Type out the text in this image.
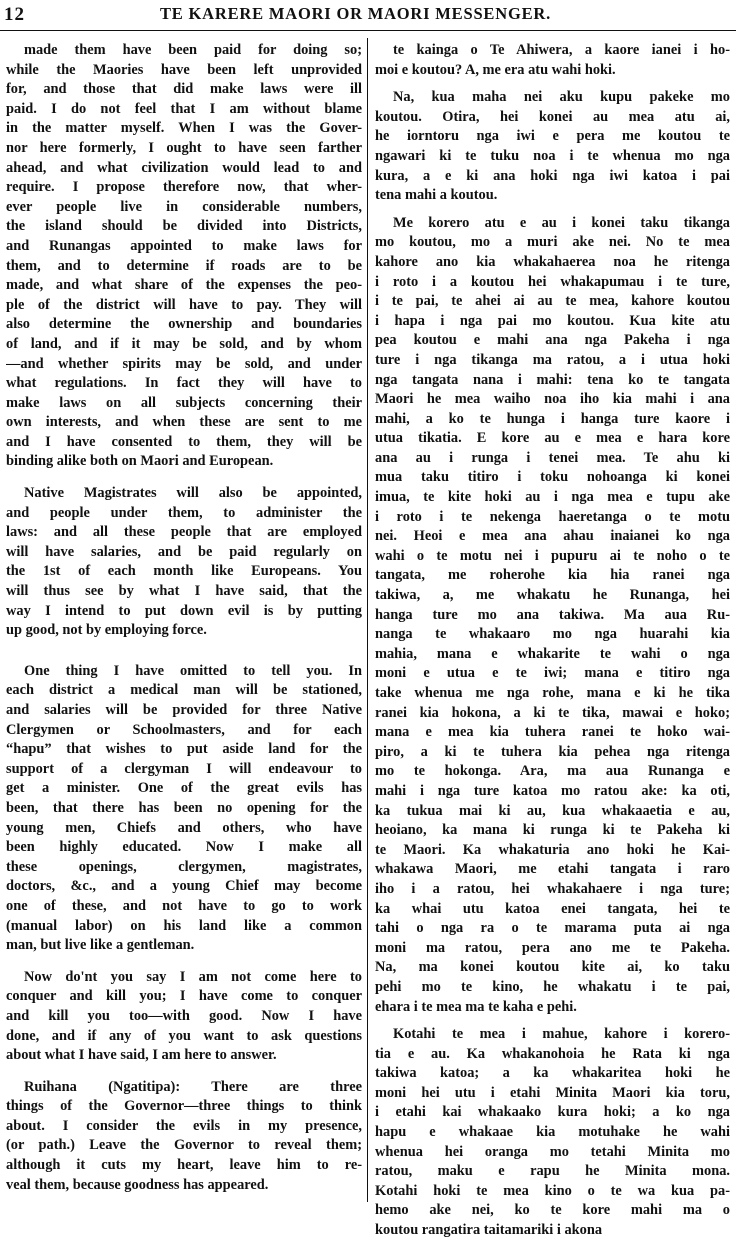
12	TE KARERE MAORI OR MAORI MESSENGER.
made them have been paid for doing so;
while the Maories have been left unprovided
for, and those that did make laws were ill
paid. I do not feel that I am without blame
in the matter myself. When I was the Gover-
nor here formerly, I ought to have seen farther
ahead, and what civilization would lead to and
require. I propose therefore now, that wher-
ever people live in considerable numbers,
the island should be divided into Districts,
and Runangas appointed to make laws for
them, and to determine if roads are to be
made, and what share of the expenses the peo-
ple of the district will have to pay. They will
also determine the ownership and boundaries
of land, and if it may be sold, and by whom
—and whether spirits may be sold, and under
what regulations. In fact they will have to
make laws on all subjects concerning their
own interests, and when these are sent to me
and I have consented to them, they will be
binding alike both on Maori and European.
Native Magistrates will also be appointed,
and people under them, to administer the
laws: and all these people that are employed
will have salaries, and be paid regularly on
the 1st of each month like Europeans. You
will thus see by what I have said, that the
way I intend to put down evil is by putting
up good, not by employing force.
One thing I have omitted to tell you. In
each district a medical man will be stationed,
and salaries will be provided for three Native
Clergymen or Schoolmasters, and for each
“hapu” that wishes to put aside land for the
support of a clergyman I will endeavour to
get a minister. One of the great evils has
been, that there has been no opening for the
young men, Chiefs and others, who have
been highly educated. Now I make all
these openings, clergymen, magistrates,
doctors, &c., and a young Chief may become
one of these, and not have to go to work
(manual labor) on his land like a common
man, but live like a gentleman.
Now do'nt you say I am not come here to
conquer and kill you; I have come to conquer
and kill you too—with good. Now I have
done, and if any of you want to ask questions
about what I have said, I am here to answer.
Ruihana (Ngatitipa): There are three
things of the Governor—three things to think
about. I consider the evils in my presence,
(or path.) Leave the Governor to reveal them;
although it cuts my heart, leave him to re-
veal them, because goodness has appeared.
te kainga o Te Ahiwera, a kaore ianei i ho-
moi e koutou? A, me era atu wahi hoki.
Na, kua maha nei aku kupu pakeke mo
koutou. Otira, hei konei au mea atu ai,
he iorntoru nga iwi e pera me koutou te
ngawari ki te tuku noa i te whenua mo nga
kura, a e ki ana hoki nga iwi katoa i pai
tena mahi a koutou.
Me korero atu e au i konei taku tikanga
mo koutou, mo a muri ake nei. No te mea
kahore ano kia whakahaerea noa he ritenga
i roto i a koutou hei whakapumau i te ture,
i te pai, te ahei ai au te mea, kahore koutou
i hapa i nga pai mo koutou. Kua kite atu
pea koutou e mahi ana nga Pakeha i nga
ture i nga tikanga ma ratou, a i utua hoki
nga tangata nana i mahi: tena ko te tangata
Maori he mea waiho noa iho kia mahi i ana
mahi, a ko te hunga i hanga ture kaore i
utua tikatia. E kore au e mea e hara kore
ana au i runga i tenei mea. Te ahu ki
mua taku titiro i toku nohoanga ki konei
imua, te kite hoki au i nga mea e tupu ake
i roto i te nekenga haeretanga o te motu
nei. Heoi e mea ana ahau inaianei ko nga
wahi o te motu nei i pupuru ai te noho o te
tangata, me roherohe kia hia ranei nga
takiwa, a, me whakatu he Runanga, hei
hanga ture mo ana takiwa. Ma aua Ru-
nanga te whakaaro mo nga huarahi kia
mahia, mana e whakarite te wahi o nga
moni e utua e te iwi; mana e titiro nga
take whenua me nga rohe, mana e ki he tika
ranei kia hokona, a ki te tika, mawai e hoko;
mana e mea kia tuhera ranei te hoko wai-
piro, a ki te tuhera kia pehea nga ritenga
mo te hokonga. Ara, ma aua Runanga e
mahi i nga ture katoa mo ratou ake: ka oti,
ka tukua mai ki au, kua whakaaetia e au,
heoiano, ka mana ki runga ki te Pakeha ki
te Maori. Ka whakaturia ano hoki he Kai-
whakawa Maori, me etahi tangata i raro
iho i a ratou, hei whakahaere i nga ture;
ka whai utu katoa enei tangata, hei te
tahi o nga ra o te marama puta ai nga
moni ma ratou, pera ano me te Pakeha.
Na, ma konei koutou kite ai, ko taku
pehi mo te kino, he whakatu i te pai,
ehara i te mea ma te kaha e pehi.
Kotahi te mea i mahue, kahore i korero-
tia e au. Ka whakanohoia he Rata ki nga
takiwa katoa; a ka whakaritea hoki he
moni hei utu i etahi Minita Maori kia toru,
i etahi kai whakaako kura hoki; a ko nga
hapu e whakaae kia motuhake he wahi
whenua hei oranga mo tetahi Minita mo
ratou, maku e rapu he Minita mona.
Kotahi hoki te mea kino o te wa kua pa-
hemo ake nei, ko te kore mahi ma o
koutou rangatira taitamariki i akona
